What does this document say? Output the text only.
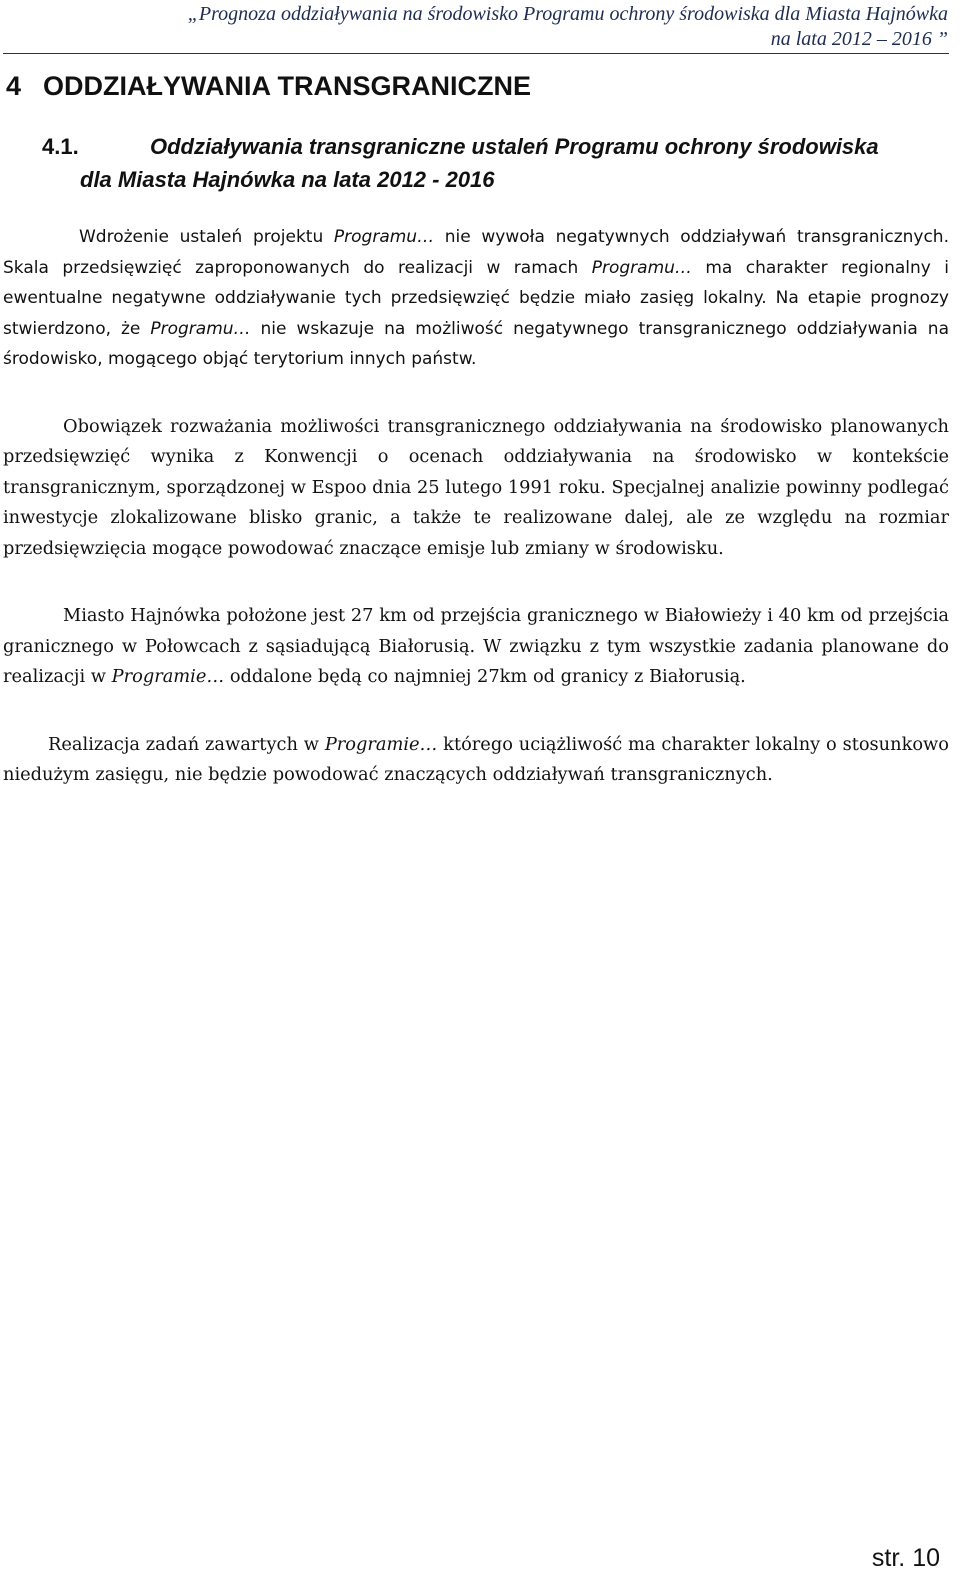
„Prognoza oddziaływania na środowisko Programu ochrony środowiska dla Miasta Hajnówka
na lata 2012 – 2016 ”
4 ODDZIAŁYWANIA TRANSGRANICZNE
4.1.	Oddziaływania transgraniczne ustaleń Programu ochrony środowiska
dla Miasta Hajnówka na lata 2012 - 2016

Wdrożenie ustaleń projektu Programu… nie wywoła negatywnych oddziaływań transgranicznych. Skala przedsięwzięć zaproponowanych do realizacji w ramach Programu… ma charakter regionalny i ewentualne negatywne oddziaływanie tych przedsięwzięć będzie miało zasięg lokalny. Na etapie prognozy stwierdzono, że Programu… nie wskazuje na możliwość negatywnego transgranicznego oddziaływania na środowisko, mogącego objąć terytorium innych państw.

Obowiązek rozważania możliwości transgranicznego oddziaływania na środowisko planowanych przedsięwzięć wynika z Konwencji o ocenach oddziaływania na środowisko w kontekście transgranicznym, sporządzonej w Espoo dnia 25 lutego 1991 roku. Specjalnej analizie powinny podlegać inwestycje zlokalizowane blisko granic, a także te realizowane dalej, ale ze względu na rozmiar przedsięwzięcia mogące powodować znaczące emisje lub zmiany w środowisku.

Miasto Hajnówka położone jest 27 km od przejścia granicznego w Białowieży i 40 km od przejścia granicznego w Połowcach z sąsiadującą Białorusią. W związku z tym wszystkie zadania planowane do realizacji w Programie… oddalone będą co najmniej 27km od granicy z Białorusią.

Realizacja zadań zawartych w Programie… którego uciążliwość ma charakter lokalny o stosunkowo niedużym zasięgu, nie będzie powodować znaczących oddziaływań transgranicznych.

str. 10
